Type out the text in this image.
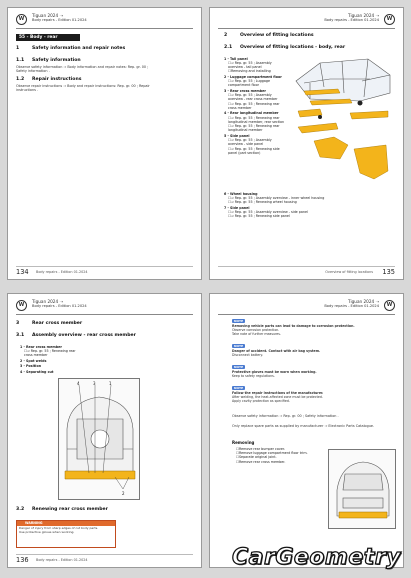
W
Tiguan 2024 ➝
Body repairs - Edition 01.2024
55 - Body - rear
1	Safety information and repair notes
1.1 Safety information
Observe safety information ⇒ Body information and repair notes: Rep. gr. 00 ; Safety information .
1.2 Repair instructions
Observe repair instructions ⇒ Body and repair instructions: Rep. gr. 00 ; Repair instructions .
134 Body repairs - Edition 01.2024
Tiguan 2024 ➝
Body repairs - Edition 01.2024	W
2	Overview of fitting locations
2.1 Overview of fitting locations - body, rear
1 - Tail panel
☐ ⇒ Rep. gr. 55 ; Assembly overview - tail panel
☐ Removing and installing
2 - Luggage compartment floor
☐ ⇒ Rep. gr. 55 ; Luggage compartment floor
3 - Rear cross member
☐ ⇒ Rep. gr. 55 ; Assembly overview - rear cross member
☐ ⇒ Rep. gr. 55 ; Renewing rear cross member
4 - Rear longitudinal member
☐ ⇒ Rep. gr. 55 ; Renewing rear longitudinal member, rear section
☐ ⇒ Rep. gr. 55 ; Renewing rear longitudinal member
5 - Side panel
☐ ⇒ Rep. gr. 55 ; Assembly overview - side panel
☐ ⇒ Rep. gr. 55 ; Renewing side panel (part section)
6 - Wheel housing
☐ ⇒ Rep. gr. 55 ; Assembly overview - inner wheel housing
☐ ⇒ Rep. gr. 55 ; Renewing wheel housing
7 - Side panel
☐ ⇒ Rep. gr. 55 ; Assembly overview - side panel
☐ ⇒ Rep. gr. 55 ; Renewing side panel
Overview of fitting locations 135
W
Tiguan 2024 ➝
Body repairs - Edition 01.2024
3	Rear cross member
3.1 Assembly overview - rear cross member
1 - Rear cross member
☐ ⇒ Rep. gr. 55 ; Renewing rear cross member
2 - Spot welds
3 - Position
4 - Separating cut
4	3	1
2
3.2 Renewing rear cross member
WARNING
Danger of injury from sharp edges of cut body parts.
Use protective gloves when working.
136 Body repairs - Edition 01.2024
Tiguan 2024 ➝
Body repairs - Edition 01.2024	W
NOTE
Removing vehicle parts can lead to damage to corrosion protection.
Observe corrosion protection.
Take note of further measures.
NOTE
Danger of accident. Contact with air bag system.
Disconnect battery.
NOTE
Protective gloves must be worn when working.
Keep to safety regulations.
NOTE
Follow the repair instructions of the manufacturer.
After welding, the heat-affected zone must be protected.
Apply cavity protection as specified.
Observe safety information ⇒ Rep. gr. 00 ; Safety information .
Only replace spare parts as supplied by manufacturer ⇒ Electronic Parts Catalogue.
Removing
☐ Remove rear bumper cover.
☐ Remove luggage compartment floor trim.
☐ Separate original joint.
☐ Remove rear cross member.
CarGeometry
